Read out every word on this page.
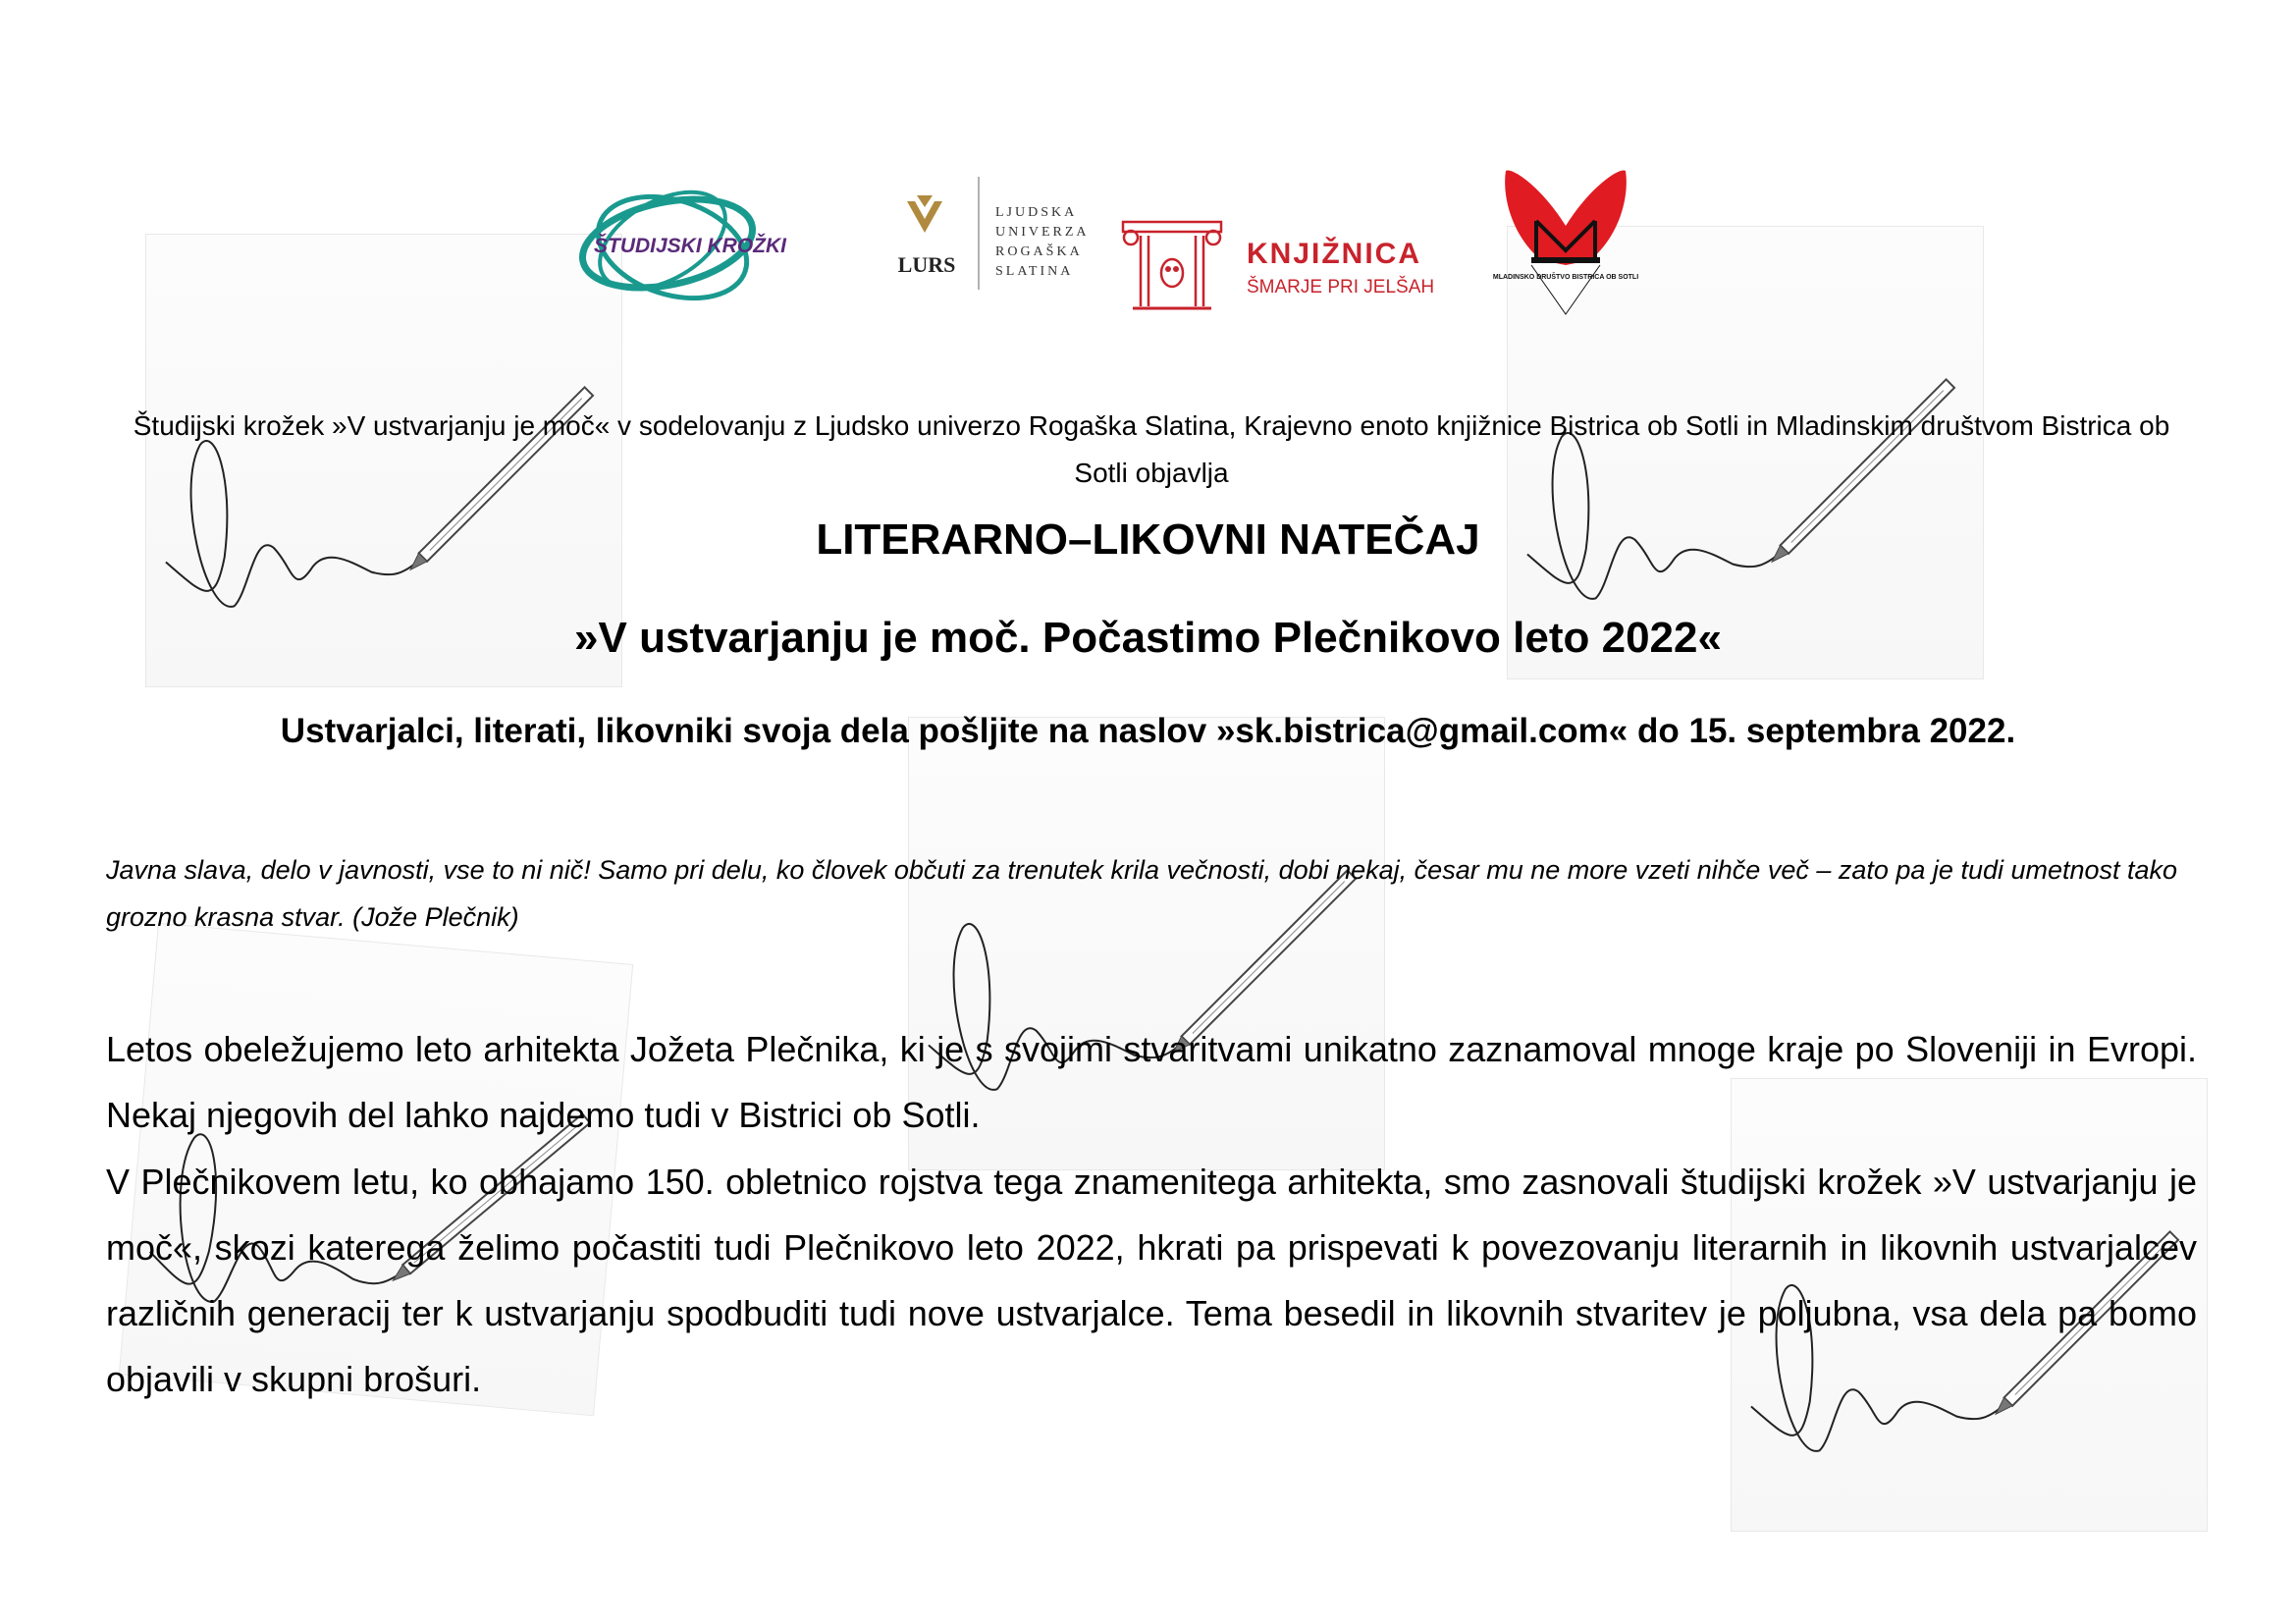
ŠTUDIJSKI KROŽKI
LURS
LJUDSKA
UNIVERZA
ROGAŠKA
SLATINA
KNJIŽNICA
ŠMARJE PRI JELŠAH	MLADINSKO DRUŠTVO BISTRICA OB SOTLI
Študijski krožek »V ustvarjanju je moč« v sodelovanju z Ljudsko univerzo Rogaška Slatina, Krajevno enoto knjižnice Bistrica ob Sotli in Mladinskim društvom Bistrica ob Sotli objavlja
LITERARNO–LIKOVNI NATEČAJ
»V ustvarjanju je moč. Počastimo Plečnikovo leto 2022«
Ustvarjalci, literati, likovniki svoja dela pošljite na naslov »sk.bistrica@gmail.com« do 15. septembra 2022.
Javna slava, delo v javnosti, vse to ni nič! Samo pri delu, ko človek občuti za trenutek krila večnosti, dobi nekaj, česar mu ne more vzeti nihče več – zato pa je tudi umetnost tako grozno krasna stvar. (Jože Plečnik)
Letos obeležujemo leto arhitekta Jožeta Plečnika, ki je s svojimi stvaritvami unikatno zaznamoval mnoge kraje po Sloveniji in Evropi. Nekaj njegovih del lahko najdemo tudi v Bistrici ob Sotli.
V Plečnikovem letu, ko obhajamo 150. obletnico rojstva tega znamenitega arhitekta, smo zasnovali študijski krožek »V ustvarjanju je moč«, skozi katerega želimo počastiti tudi Plečnikovo leto 2022, hkrati pa prispevati k povezovanju literarnih in likovnih ustvarjalcev različnih generacij ter k ustvarjanju spodbuditi tudi nove ustvarjalce. Tema besedil in likovnih stvaritev je poljubna, vsa dela pa bomo objavili v skupni brošuri.
